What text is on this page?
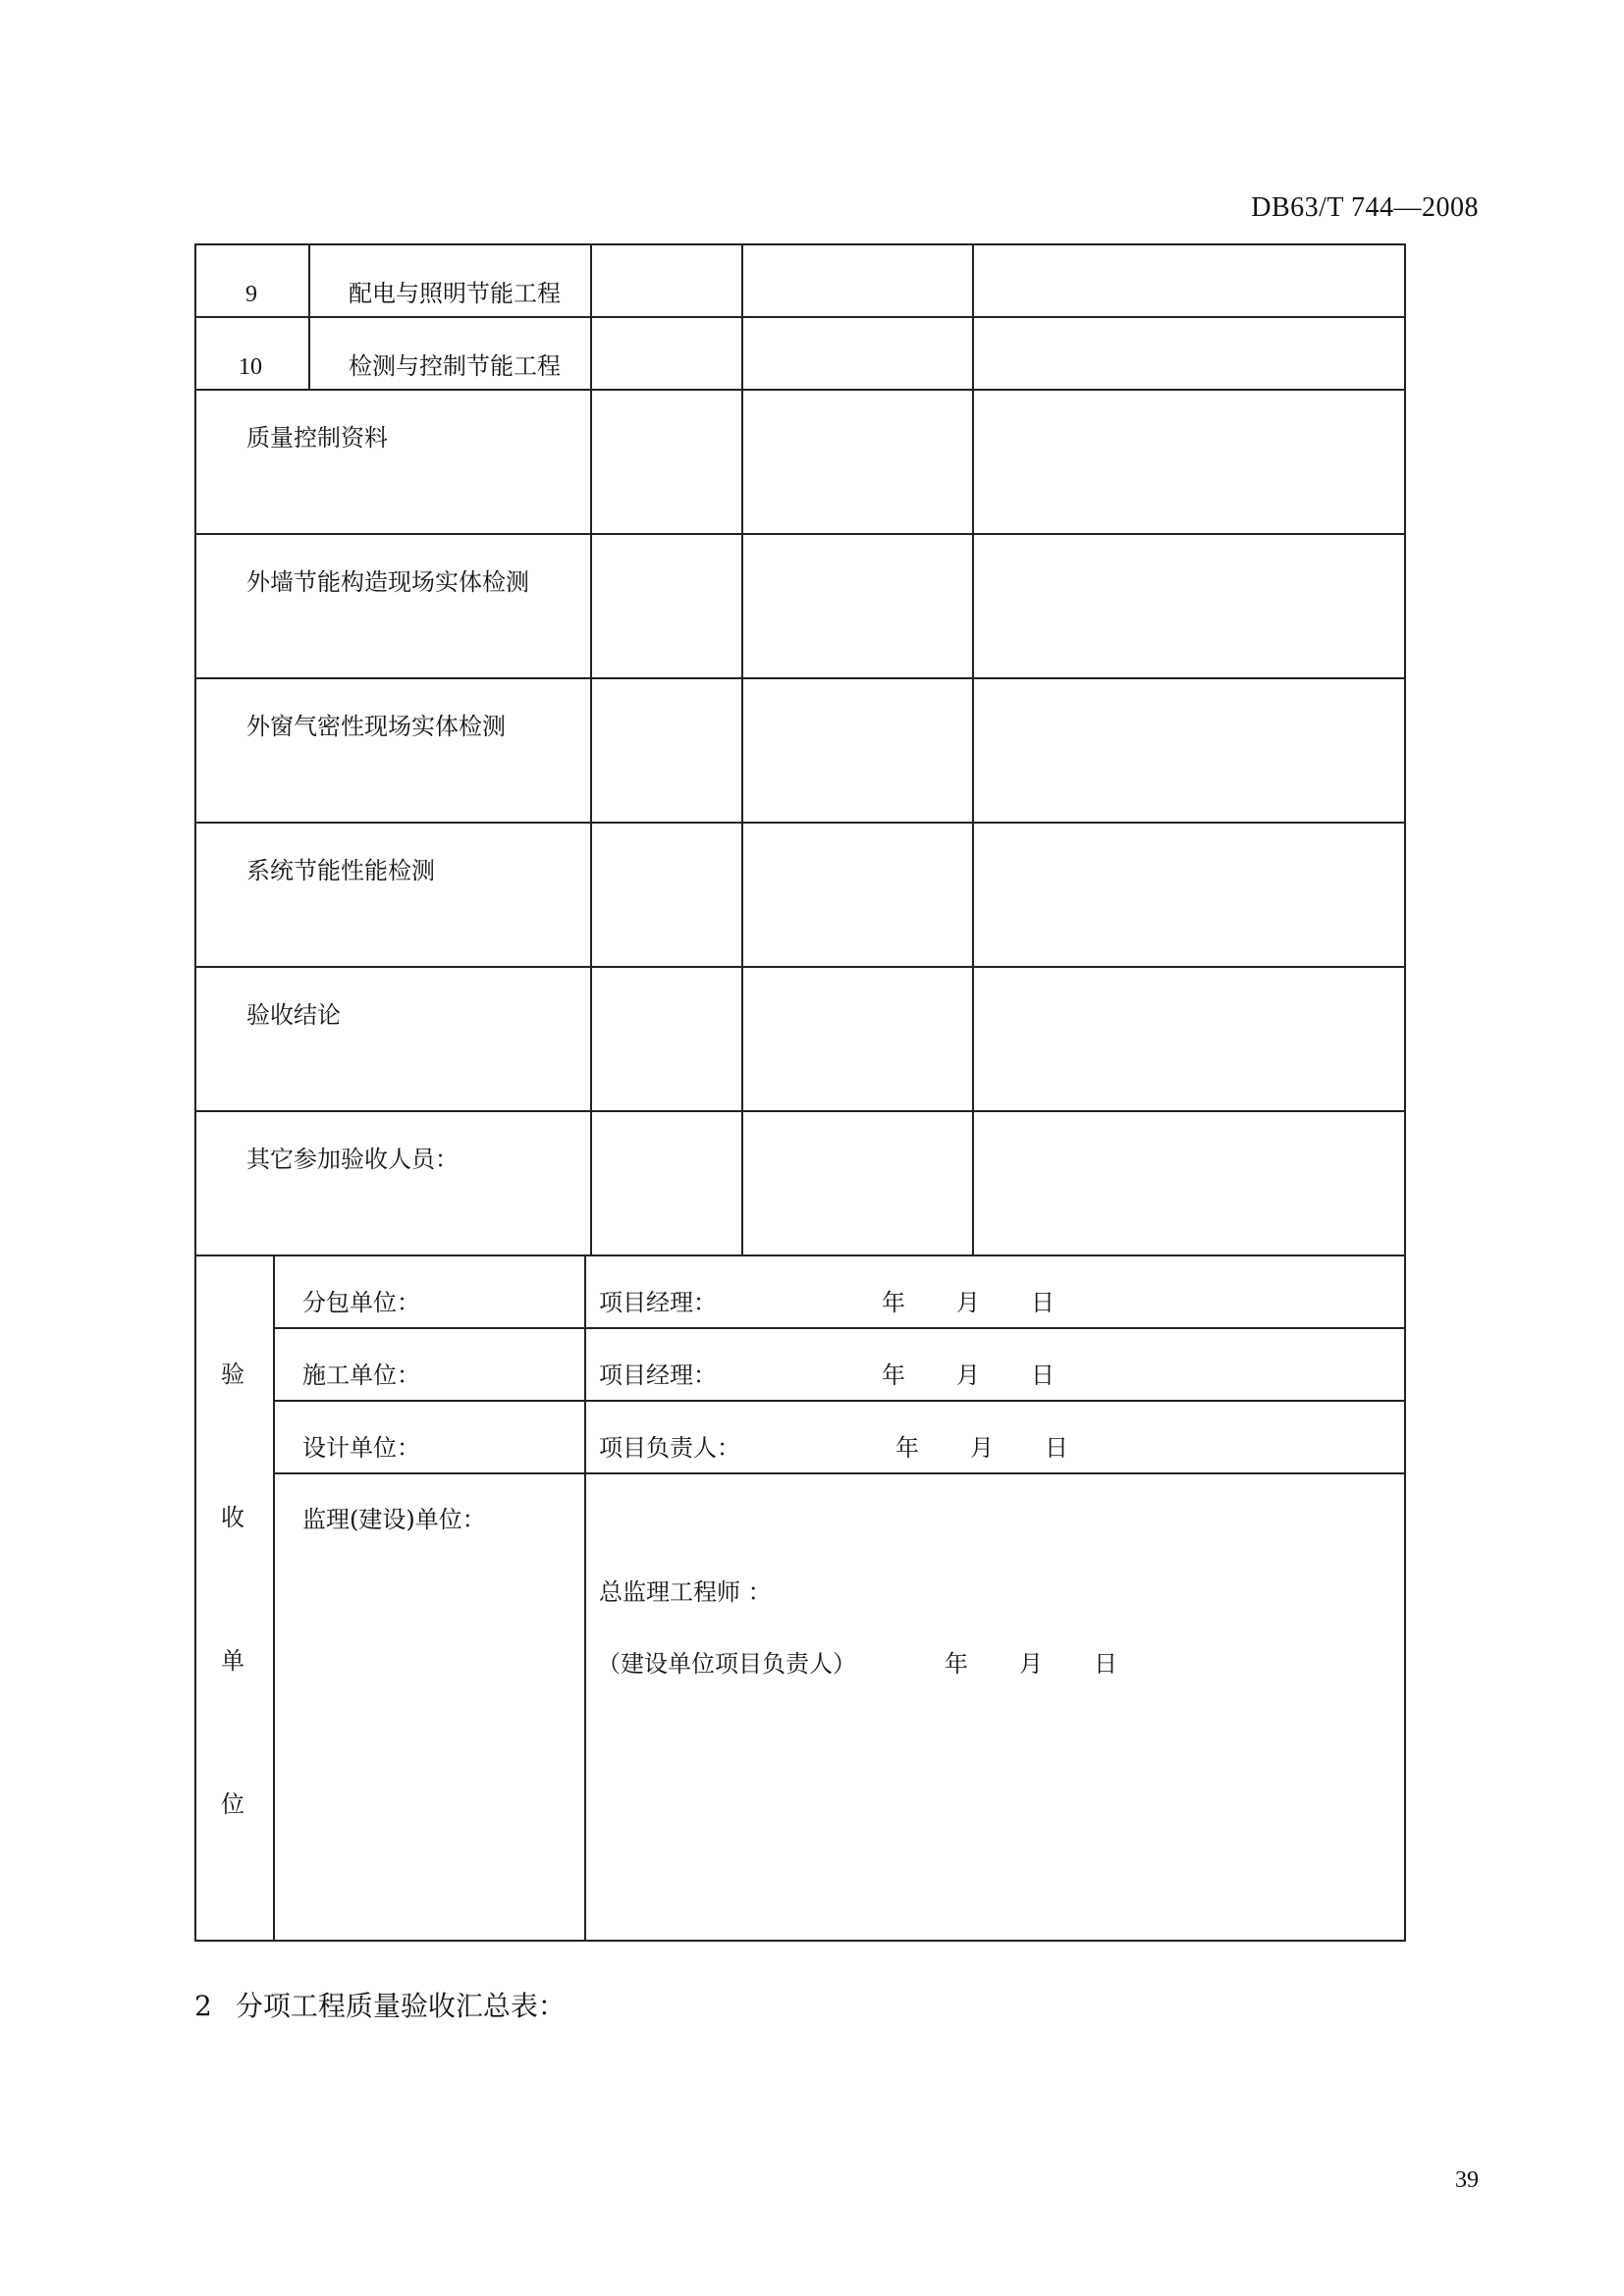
DB63/T 744—2008
9	配电与照明节能工程
10	检测与控制节能工程
质量控制资料
外墙节能构造现场实体检测
外窗气密性现场实体检测
系统节能性能检测
验收结论
其它参加验收人员：
验
收
单
位
分包单位：	项目经理：	年 月 日
施工单位：	项目经理：	年 月 日
设计单位：	项目负责人：	年 月 日
监理(建设)单位：
总监理工程师 ：
（建设单位项目负责人）	年 月 日
2 分项工程质量验收汇总表：
39
